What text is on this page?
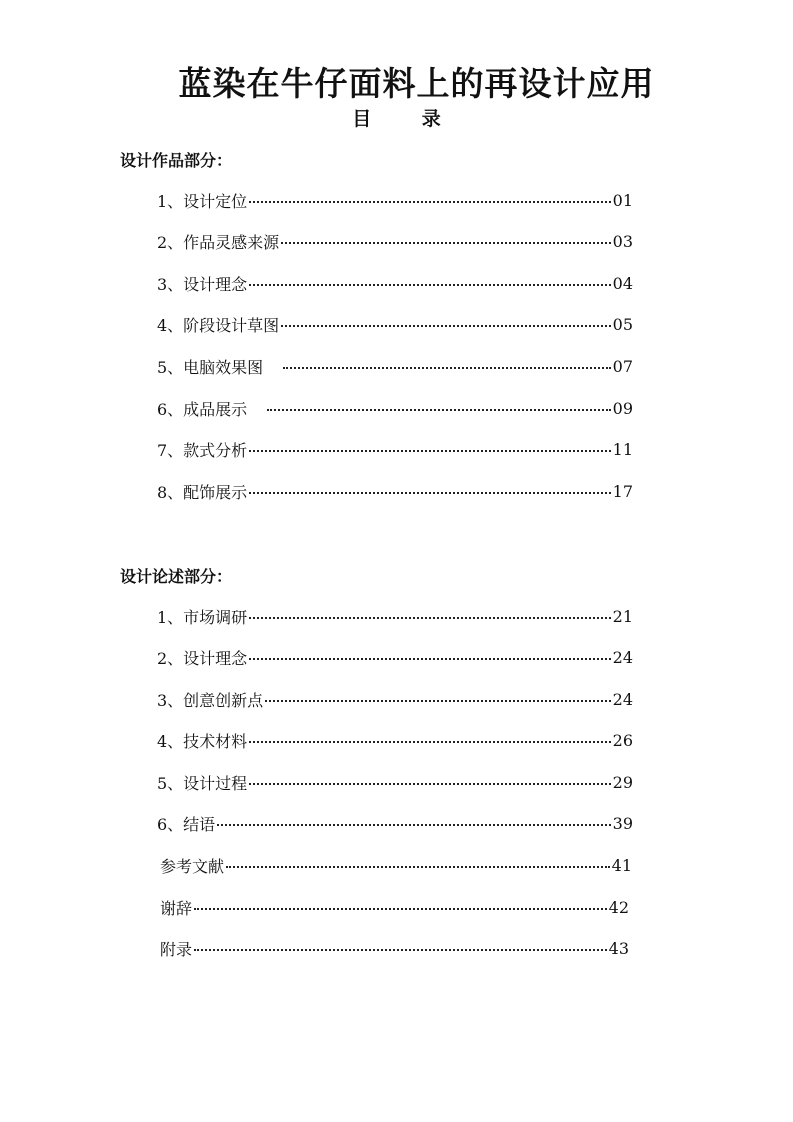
蓝染在牛仔面料上的再设计应用
目 录
设计作品部分：
1、设计定位	01
2、作品灵感来源	03
3、设计理念	04
4、阶段设计草图	05
5、电脑效果图	07
6、成品展示	09
7、款式分析	11
8、配饰展示	17
设计论述部分：
1、市场调研	21
2、设计理念	24
3、创意创新点	24
4、技术材料	26
5、设计过程	29
6、结语	39
参考文献	41
谢辞	42
附录	43
